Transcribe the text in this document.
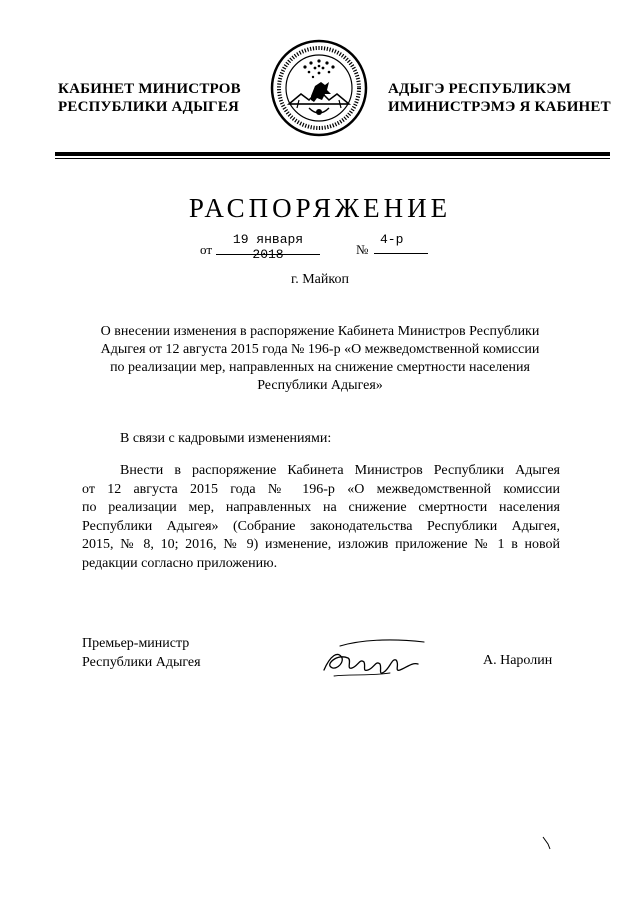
КАБИНЕТ МИНИСТРОВ
РЕСПУБЛИКИ АДЫГЕЯ
АДЫГЭ РЕСПУБЛИКЭМ
ИМИНИСТРЭМЭ Я КАБИНЕТ
РАСПОРЯЖЕНИЕ
от
19 января 2018	№
4-р
г. Майкоп
О внесении изменения в распоряжение Кабинета Министров Республики
Адыгея от 12 августа 2015 года № 196-р «О межведомственной комиссии
по реализации мер, направленных на снижение смертности населения
Республики Адыгея»
В связи с кадровыми изменениями:
Внести в распоряжение Кабинета Министров Республики Адыгея
от 12 августа 2015 года № 196-р «О межведомственной комиссии
по реализации мер, направленных на снижение смертности населения
Республики Адыгея» (Собрание законодательства Республики Адыгея,
2015, № 8, 10; 2016, № 9) изменение, изложив приложение № 1 в новой
редакции согласно приложению.
Премьер-министр
Республики Адыгея	А. Наролин
